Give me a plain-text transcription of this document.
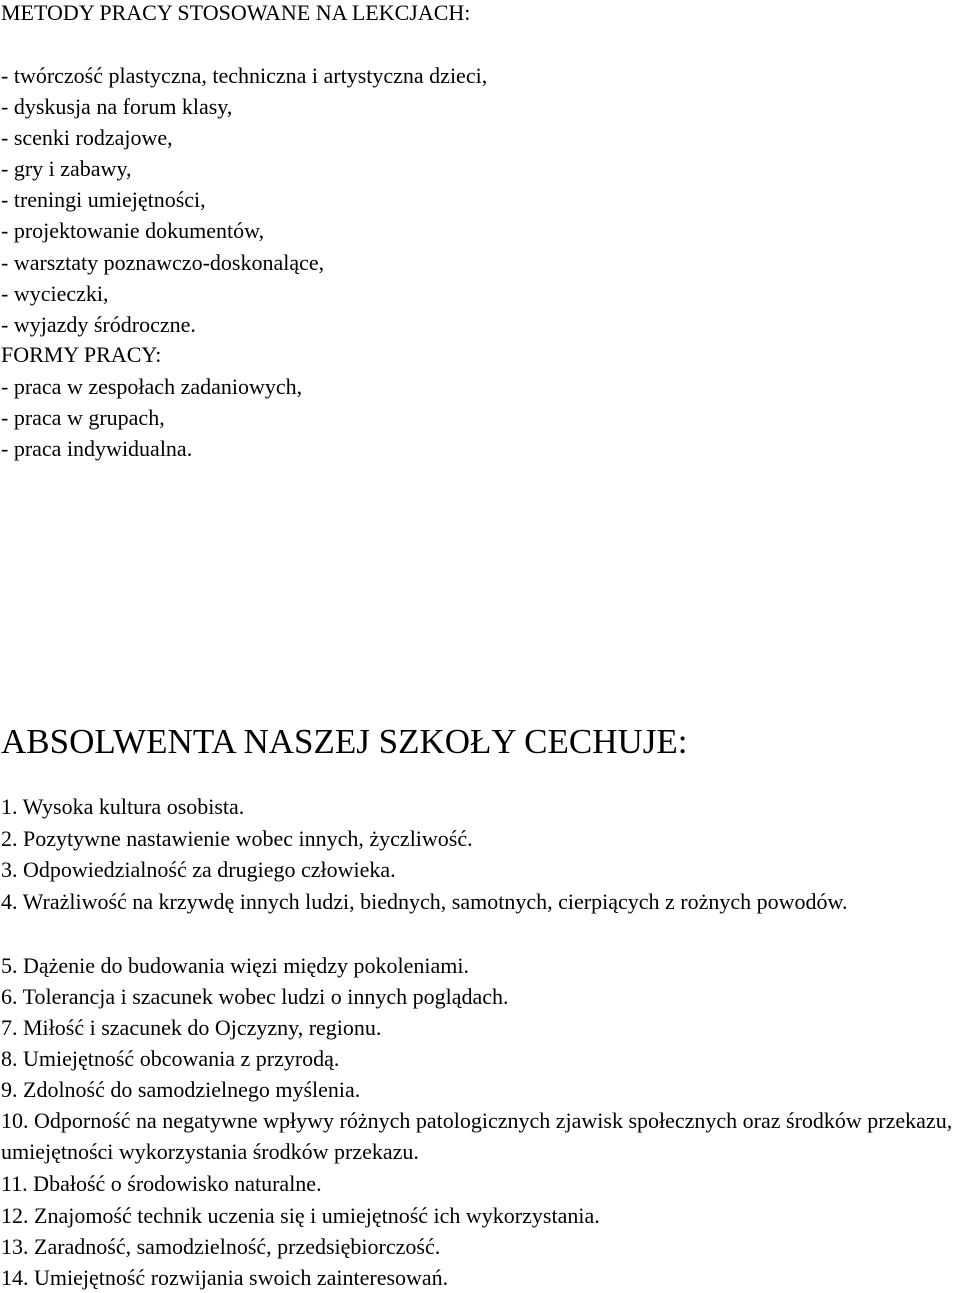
METODY PRACY STOSOWANE NA LEKCJACH:
- twórczość plastyczna, techniczna i artystyczna dzieci,
- dyskusja na forum klasy,
- scenki rodzajowe,
- gry i zabawy,
- treningi umiejętności,
- projektowanie dokumentów,
- warsztaty poznawczo-doskonalące,
- wycieczki,
- wyjazdy śródroczne.
FORMY PRACY:
- praca w zespołach zadaniowych,
- praca w grupach,
- praca indywidualna.
ABSOLWENTA NASZEJ SZKOŁY CECHUJE:
1. Wysoka kultura osobista.
2. Pozytywne nastawienie wobec innych, życzliwość.
3. Odpowiedzialność za drugiego człowieka.
4. Wrażliwość na krzywdę innych ludzi, biednych, samotnych, cierpiących z rożnych powodów.
5. Dążenie do budowania więzi między pokoleniami.
6. Tolerancja i szacunek wobec ludzi o innych poglądach.
7. Miłość i szacunek do Ojczyzny, regionu.
8. Umiejętność obcowania z przyrodą.
9. Zdolność do samodzielnego myślenia.
10. Odporność na negatywne wpływy różnych patologicznych zjawisk społecznych oraz środków przekazu, umiejętności wykorzystania środków przekazu.
11. Dbałość o środowisko naturalne.
12. Znajomość technik uczenia się i umiejętność ich wykorzystania.
13. Zaradność, samodzielność, przedsiębiorczość.
14. Umiejętność rozwijania swoich zainteresowań.
